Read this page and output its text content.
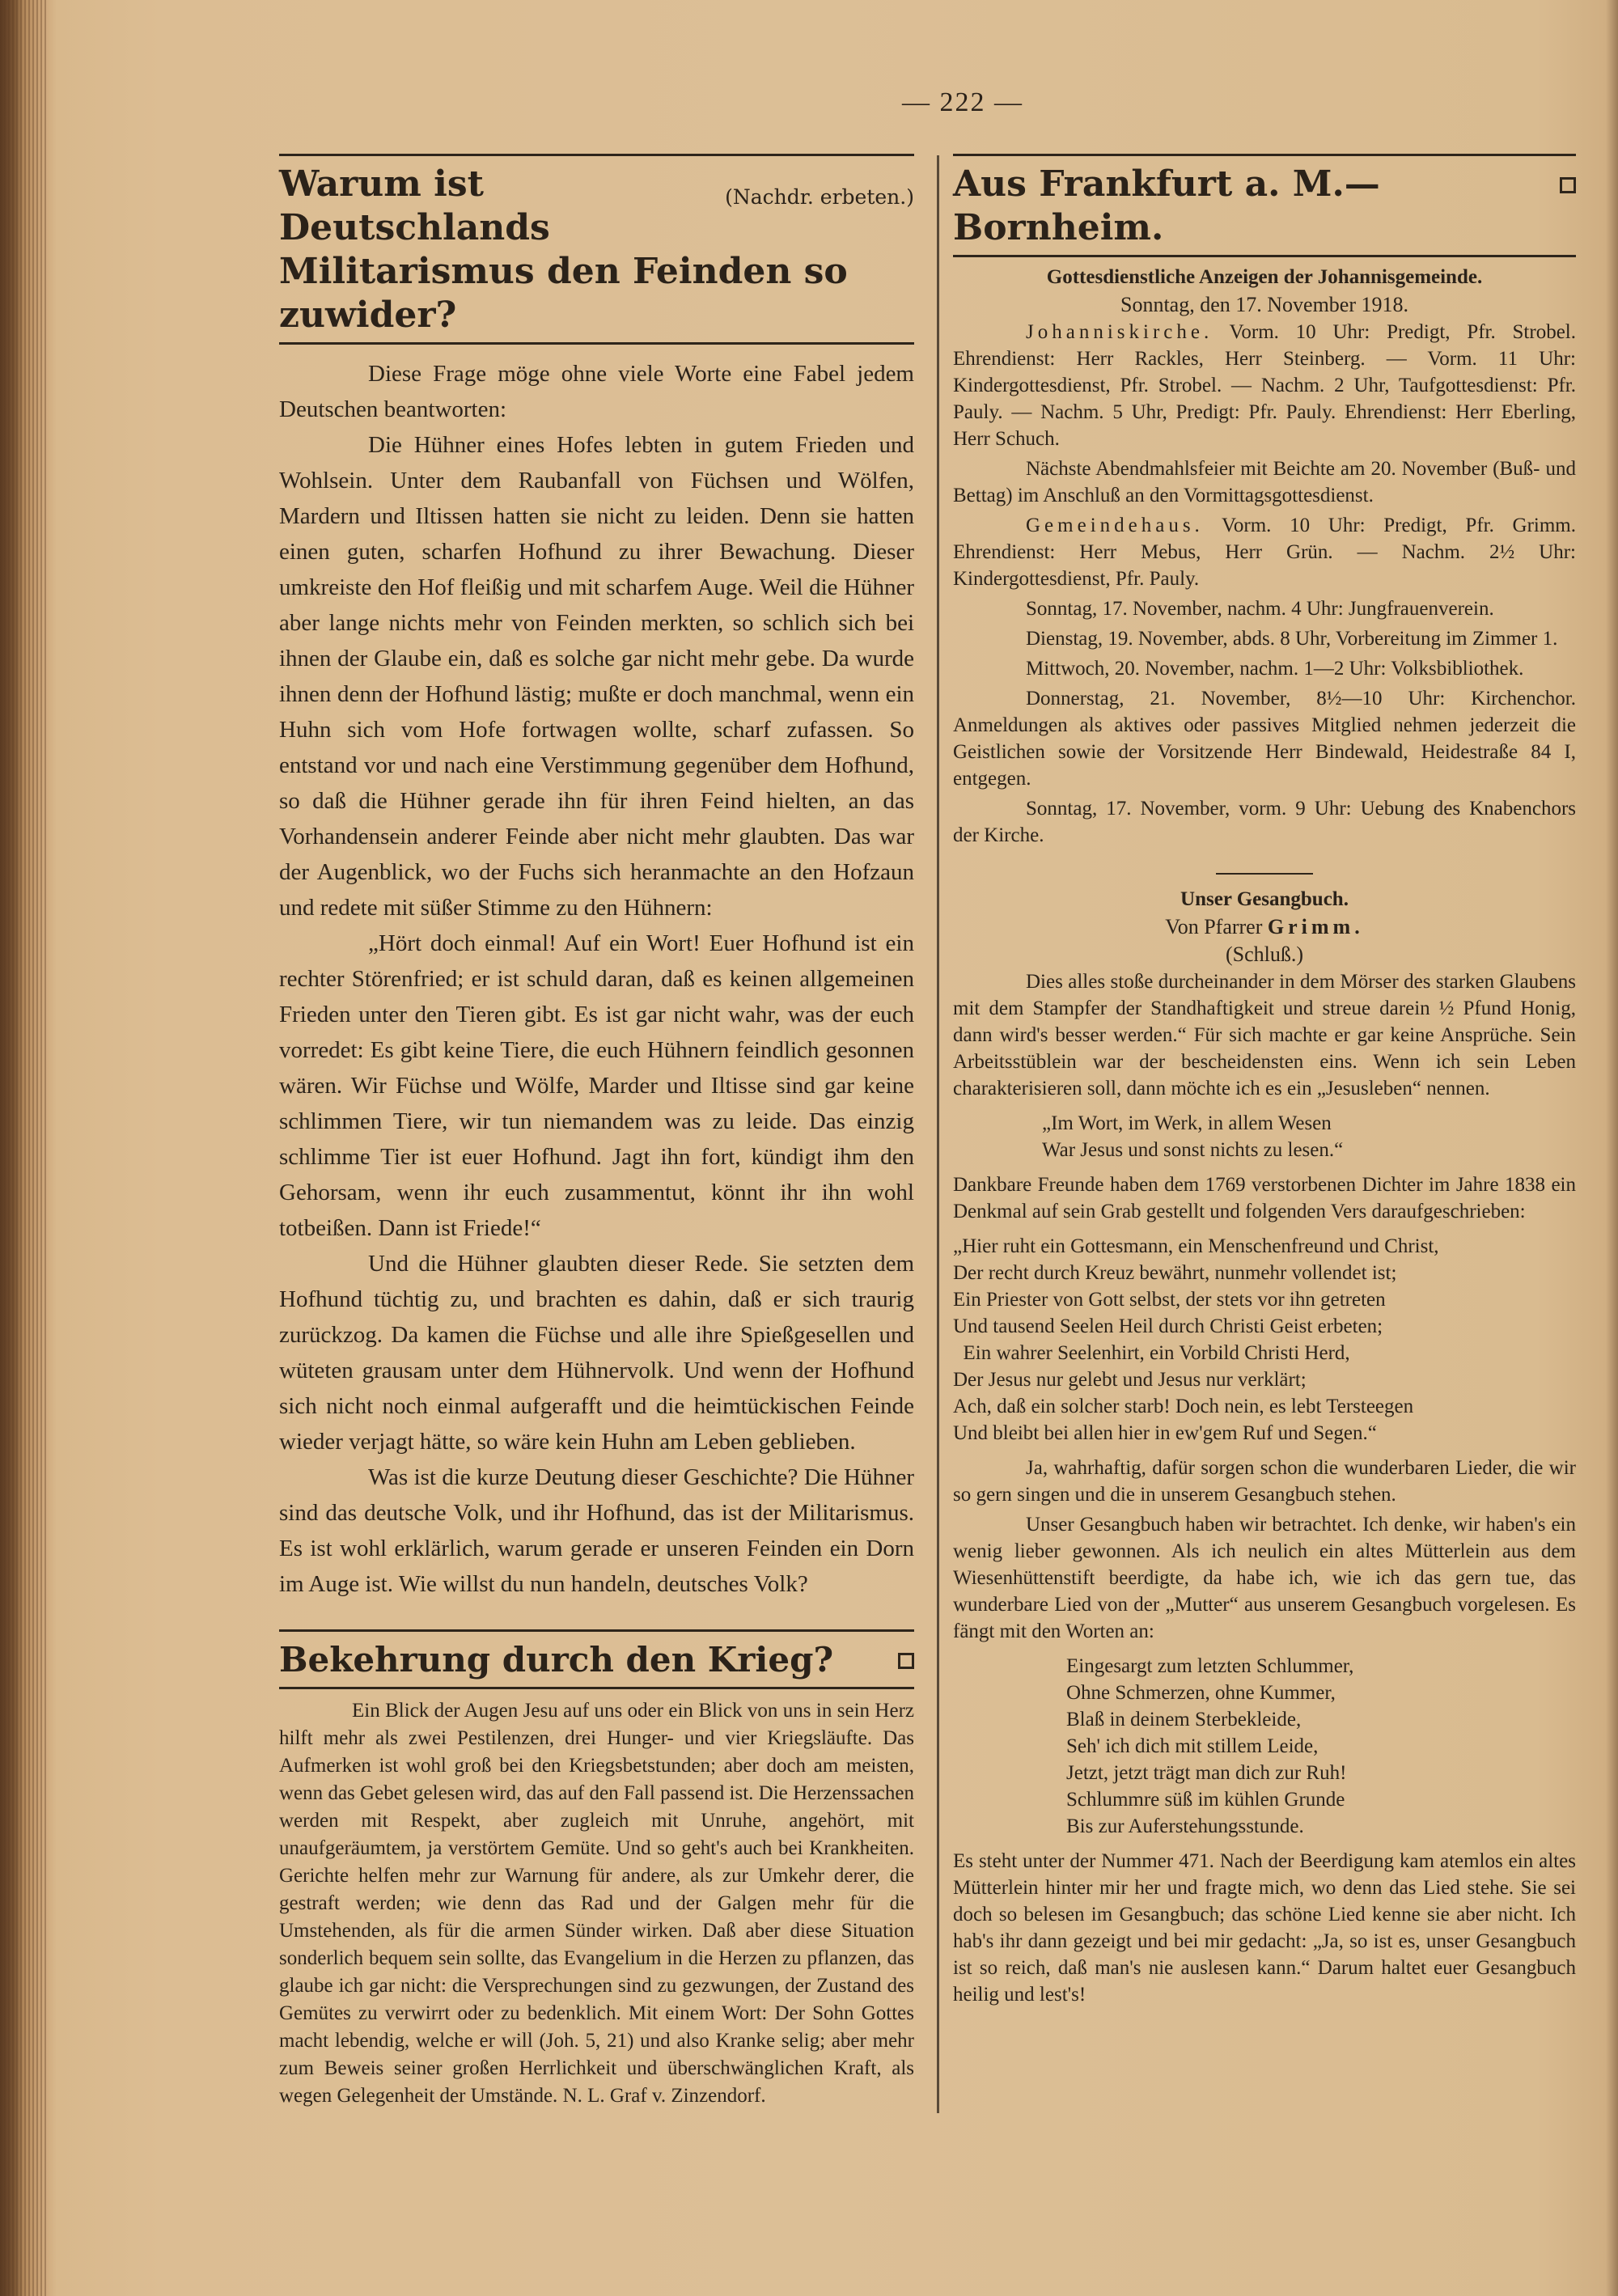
— 222 —
(Nachdr. erbeten.)
Warum ist Deutschlands Militarismus den Feinden so zuwider?

Diese Frage möge ohne viele Worte eine Fabel jedem Deutschen beantworten:

Die Hühner eines Hofes lebten in gutem Frieden und Wohlsein. Unter dem Raubanfall von Füchsen und Wölfen, Mardern und Iltissen hatten sie nicht zu leiden. Denn sie hatten einen guten, scharfen Hofhund zu ihrer Bewachung. Dieser umkreiste den Hof fleißig und mit scharfem Auge. Weil die Hühner aber lange nichts mehr von Feinden merkten, so schlich sich bei ihnen der Glaube ein, daß es solche gar nicht mehr gebe. Da wurde ihnen denn der Hofhund lästig; mußte er doch manchmal, wenn ein Huhn sich vom Hofe fortwagen wollte, scharf zufassen. So entstand vor und nach eine Verstimmung gegenüber dem Hofhund, so daß die Hühner gerade ihn für ihren Feind hielten, an das Vorhandensein anderer Feinde aber nicht mehr glaubten. Das war der Augenblick, wo der Fuchs sich heranmachte an den Hofzaun und redete mit süßer Stimme zu den Hühnern:

„Hört doch einmal! Auf ein Wort! Euer Hofhund ist ein rechter Störenfried; er ist schuld daran, daß es keinen allgemeinen Frieden unter den Tieren gibt. Es ist gar nicht wahr, was der euch vorredet: Es gibt keine Tiere, die euch Hühnern feindlich gesonnen wären. Wir Füchse und Wölfe, Marder und Iltisse sind gar keine schlimmen Tiere, wir tun niemandem was zu leide. Das einzig schlimme Tier ist euer Hofhund. Jagt ihn fort, kündigt ihm den Gehorsam, wenn ihr euch zusammentut, könnt ihr ihn wohl totbeißen. Dann ist Friede!“

Und die Hühner glaubten dieser Rede. Sie setzten dem Hofhund tüchtig zu, und brachten es dahin, daß er sich traurig zurückzog. Da kamen die Füchse und alle ihre Spießgesellen und wüteten grausam unter dem Hühnervolk. Und wenn der Hofhund sich nicht noch einmal aufgerafft und die heimtückischen Feinde wieder verjagt hätte, so wäre kein Huhn am Leben geblieben.

Was ist die kurze Deutung dieser Geschichte? Die Hühner sind das deutsche Volk, und ihr Hofhund, das ist der Militarismus. Es ist wohl erklärlich, warum gerade er unseren Feinden ein Dorn im Auge ist. Wie willst du nun handeln, deutsches Volk?

Bekehrung durch den Krieg?

Ein Blick der Augen Jesu auf uns oder ein Blick von uns in sein Herz hilft mehr als zwei Pestilenzen, drei Hunger- und vier Kriegsläufte. Das Aufmerken ist wohl groß bei den Kriegsbetstunden; aber doch am meisten, wenn das Gebet gelesen wird, das auf den Fall passend ist. Die Herzenssachen werden mit Respekt, aber zugleich mit Unruhe, angehört, mit unaufgeräumtem, ja verstörtem Gemüte. Und so geht's auch bei Krankheiten. Gerichte helfen mehr zur Warnung für andere, als zur Umkehr derer, die gestraft werden; wie denn das Rad und der Galgen mehr für die Umstehenden, als für die armen Sünder wirken. Daß aber diese Situation sonderlich bequem sein sollte, das Evangelium in die Herzen zu pflanzen, das glaube ich gar nicht: die Versprechungen sind zu gezwungen, der Zustand des Gemütes zu verwirrt oder zu bedenklich. Mit einem Wort: Der Sohn Gottes macht lebendig, welche er will (Joh. 5, 21) und also Kranke selig; aber mehr zum Beweis seiner großen Herrlichkeit und überschwänglichen Kraft, als wegen Gelegenheit der Umstände. N. L. Graf v. Zinzendorf.

Aus Frankfurt a. M.—Bornheim.
Gottesdienstliche Anzeigen der Johannisgemeinde.
Sonntag, den 17. November 1918.

Johanniskirche. Vorm. 10 Uhr: Predigt, Pfr. Strobel. Ehrendienst: Herr Rackles, Herr Steinberg. — Vorm. 11 Uhr: Kindergottesdienst, Pfr. Strobel. — Nachm. 2 Uhr, Taufgottesdienst: Pfr. Pauly. — Nachm. 5 Uhr, Predigt: Pfr. Pauly. Ehrendienst: Herr Eberling, Herr Schuch.

Nächste Abendmahlsfeier mit Beichte am 20. November (Buß- und Bettag) im Anschluß an den Vormittagsgottesdienst.

Gemeindehaus. Vorm. 10 Uhr: Predigt, Pfr. Grimm. Ehrendienst: Herr Mebus, Herr Grün. — Nachm. 2½ Uhr: Kindergottesdienst, Pfr. Pauly.

Sonntag, 17. November, nachm. 4 Uhr: Jungfrauenverein.

Dienstag, 19. November, abds. 8 Uhr, Vorbereitung im Zimmer 1.

Mittwoch, 20. November, nachm. 1—2 Uhr: Volksbibliothek.

Donnerstag, 21. November, 8½—10 Uhr: Kirchenchor. Anmeldungen als aktives oder passives Mitglied nehmen jederzeit die Geistlichen sowie der Vorsitzende Herr Bindewald, Heidestraße 84 I, entgegen.

Sonntag, 17. November, vorm. 9 Uhr: Uebung des Knabenchors der Kirche.

Unser Gesangbuch.
Von Pfarrer Grimm.
(Schluß.)

Dies alles stoße durcheinander in dem Mörser des starken Glaubens mit dem Stampfer der Standhaftigkeit und streue darein ½ Pfund Honig, dann wird's besser werden.“ Für sich machte er gar keine Ansprüche. Sein Arbeitsstüblein war der bescheidensten eins. Wenn ich sein Leben charakterisieren soll, dann möchte ich es ein „Jesusleben“ nennen.

„Im Wort, im Werk, in allem Wesen
War Jesus und sonst nichts zu lesen.“

Dankbare Freunde haben dem 1769 verstorbenen Dichter im Jahre 1838 ein Denkmal auf sein Grab gestellt und folgenden Vers daraufgeschrieben:

„Hier ruht ein Gottesmann, ein Menschenfreund und Christ,
Der recht durch Kreuz bewährt, nunmehr vollendet ist;
Ein Priester von Gott selbst, der stets vor ihn getreten
Und tausend Seelen Heil durch Christi Geist erbeten;
Ein wahrer Seelenhirt, ein Vorbild Christi Herd,
Der Jesus nur gelebt und Jesus nur verklärt;
Ach, daß ein solcher starb! Doch nein, es lebt Tersteegen
Und bleibt bei allen hier in ew'gem Ruf und Segen.“

Ja, wahrhaftig, dafür sorgen schon die wunderbaren Lieder, die wir so gern singen und die in unserem Gesangbuch stehen.

Unser Gesangbuch haben wir betrachtet. Ich denke, wir haben's ein wenig lieber gewonnen. Als ich neulich ein altes Mütterlein aus dem Wiesenhüttenstift beerdigte, da habe ich, wie ich das gern tue, das wunderbare Lied von der „Mutter“ aus unserem Gesangbuch vorgelesen. Es fängt mit den Worten an:

Eingesargt zum letzten Schlummer,
Ohne Schmerzen, ohne Kummer,
Blaß in deinem Sterbekleide,
Seh' ich dich mit stillem Leide,
Jetzt, jetzt trägt man dich zur Ruh!
Schlummre süß im kühlen Grunde
Bis zur Auferstehungsstunde.

Es steht unter der Nummer 471. Nach der Beerdigung kam atemlos ein altes Mütterlein hinter mir her und fragte mich, wo denn das Lied stehe. Sie sei doch so belesen im Gesangbuch; das schöne Lied kenne sie aber nicht. Ich hab's ihr dann gezeigt und bei mir gedacht: „Ja, so ist es, unser Gesangbuch ist so reich, daß man's nie auslesen kann.“ Darum haltet euer Gesangbuch heilig und lest's!
